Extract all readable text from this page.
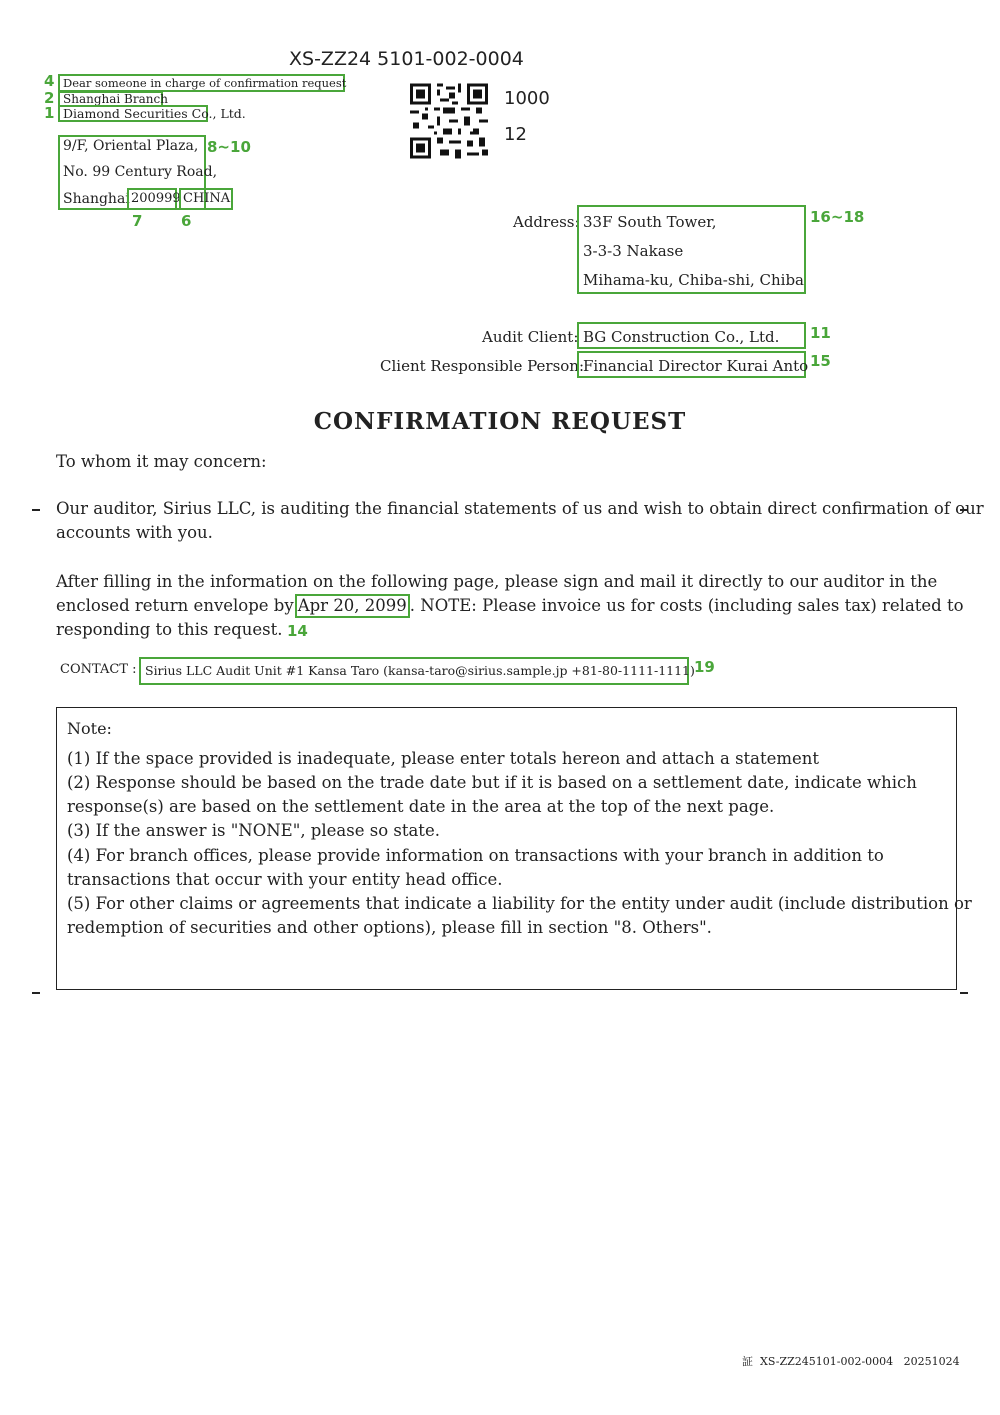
XS-ZZ24 5101-002-0004
1000
12
Dear someone in charge of confirmation request
4
Shanghai Branch
2
Diamond Securities Co., Ltd.
1
9/F, Oriental Plaza,
No. 99 Century Road,
Shanghai
8~10
200999
7
CHINA
6	Address: 33F South Tower,
3-3-3 Nakase
Mihama-ku, Chiba-shi, Chiba
16~18
Audit Client: BG Construction Co., Ltd. 11
Client Responsible Person:
Financial Director Kurai Anto 15
CONFIRMATION REQUEST
To whom it may concern:
Our auditor, Sirius LLC, is auditing the financial statements of us and wish to obtain direct confirmation of our
accounts with you.
After filling in the information on the following page, please sign and mail it directly to our auditor in the
enclosed return envelope by Apr 20, 2099 . NOTE: Please invoice us for costs (including sales tax) related to
responding to this request. 14
CONTACT : Sirius LLC Audit Unit #1 Kansa Taro (kansa-taro@sirius.sample.jp +81-80-1111-1111) 19
Note:
(1) If the space provided is inadequate, please enter totals hereon and attach a statement
(2) Response should be based on the trade date but if it is based on a settlement date, indicate which
response(s) are based on the settlement date in the area at the top of the next page.
(3) If the answer is "NONE", please so state.
(4) For branch offices, please provide information on transactions with your branch in addition to
transactions that occur with your entity head office.
(5) For other claims or agreements that indicate a liability for the entity under audit (include distribution or
redemption of securities and other options), please fill in section "8. Others".
証  XS-ZZ245101-002-0004   20251024
